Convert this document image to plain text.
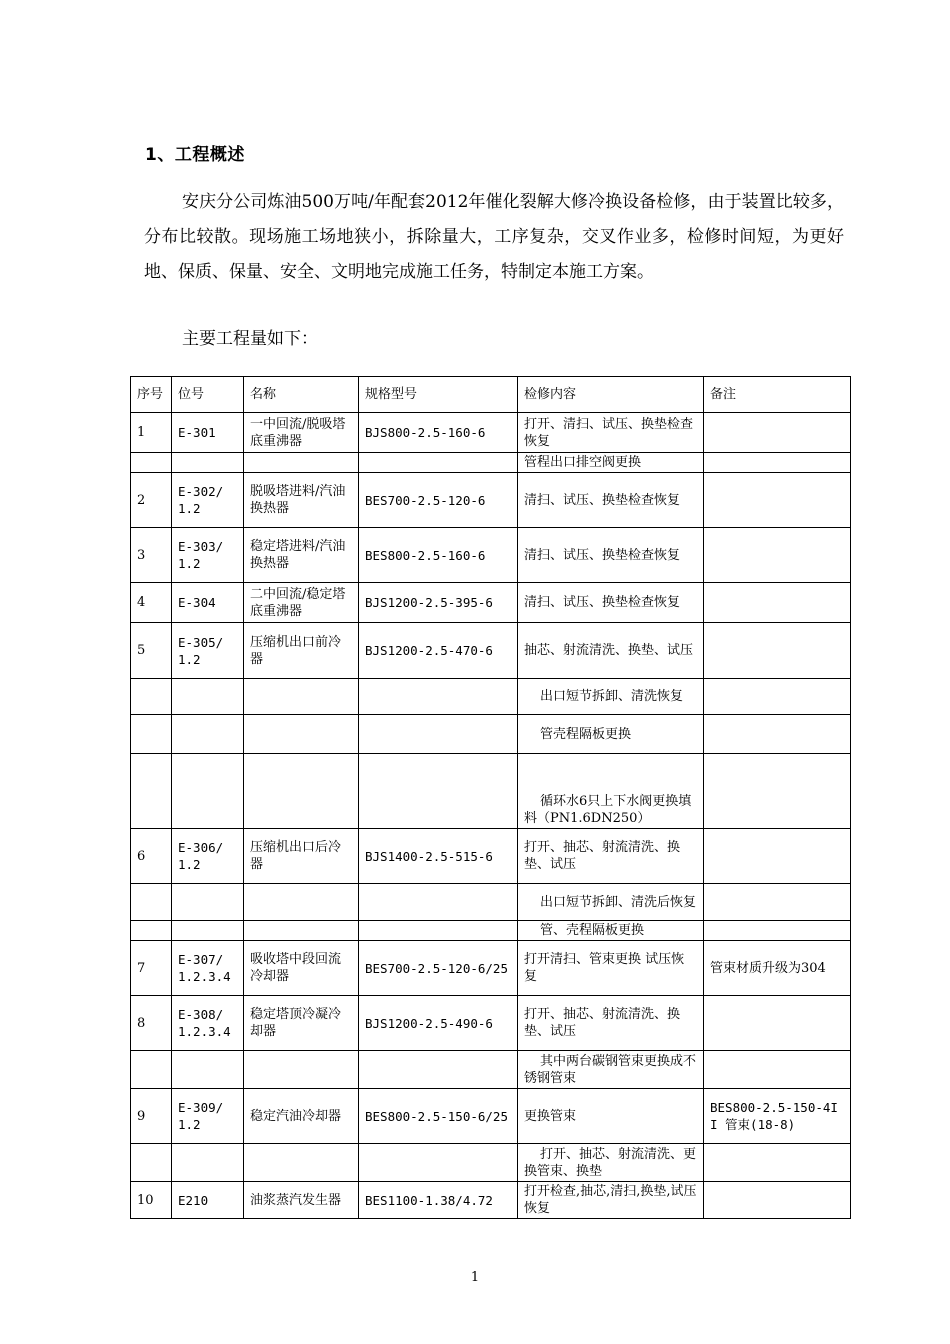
1、工程概述

安庆分公司炼油500万吨/年配套2012年催化裂解大修冷换设备检修，由于装置比较多，分布比较散。现场施工场地狭小，拆除量大，工序复杂，交叉作业多，检修时间短，为更好地、保质、保量、安全、文明地完成施工任务，特制定本施工方案。

主要工程量如下：

序号	位号	名称	规格型号	检修内容	备注
1	E-301	一中回流/脱吸塔底重沸器	BJS800-2.5-160-6	打开、清扫、试压、换垫检查恢复	
				管程出口排空阀更换	
2	E-302/1.2	脱吸塔进料/汽油换热器	BES700-2.5-120-6	清扫、试压、换垫检查恢复	
3	E-303/1.2	稳定塔进料/汽油换热器	BES800-2.5-160-6	清扫、试压、换垫检查恢复	
4	E-304	二中回流/稳定塔底重沸器	BJS1200-2.5-395-6	清扫、试压、换垫检查恢复	
5	E-305/1.2	压缩机出口前冷器	BJS1200-2.5-470-6	抽芯、射流清洗、换垫、试压	
				出口短节拆卸、清洗恢复	
				管壳程隔板更换	
				循环水6只上下水阀更换填料（PN1.6DN250）	
6	E-306/1.2	压缩机出口后冷器	BJS1400-2.5-515-6	打开、抽芯、射流清洗、换垫、试压	
				出口短节拆卸、清洗后恢复	
				管、壳程隔板更换	
7	E-307/1.2.3.4	吸收塔中段回流冷却器	BES700-2.5-120-6/25	打开清扫、管束更换 试压恢复	管束材质升级为304
8	E-308/1.2.3.4	稳定塔顶冷凝冷却器	BJS1200-2.5-490-6	打开、抽芯、射流清洗、换垫、试压	
				其中两台碳钢管束更换成不锈钢管束	
9	E-309/1.2	稳定汽油冷却器	BES800-2.5-150-6/25	更换管束	BES800-2.5-150-4II 管束(18-8)
				打开、抽芯、射流清洗、更换管束、换垫	
10	E210	油浆蒸汽发生器	BES1100-1.38/4.72	打开检查,抽芯,清扫,换垫,试压恢复	
1
